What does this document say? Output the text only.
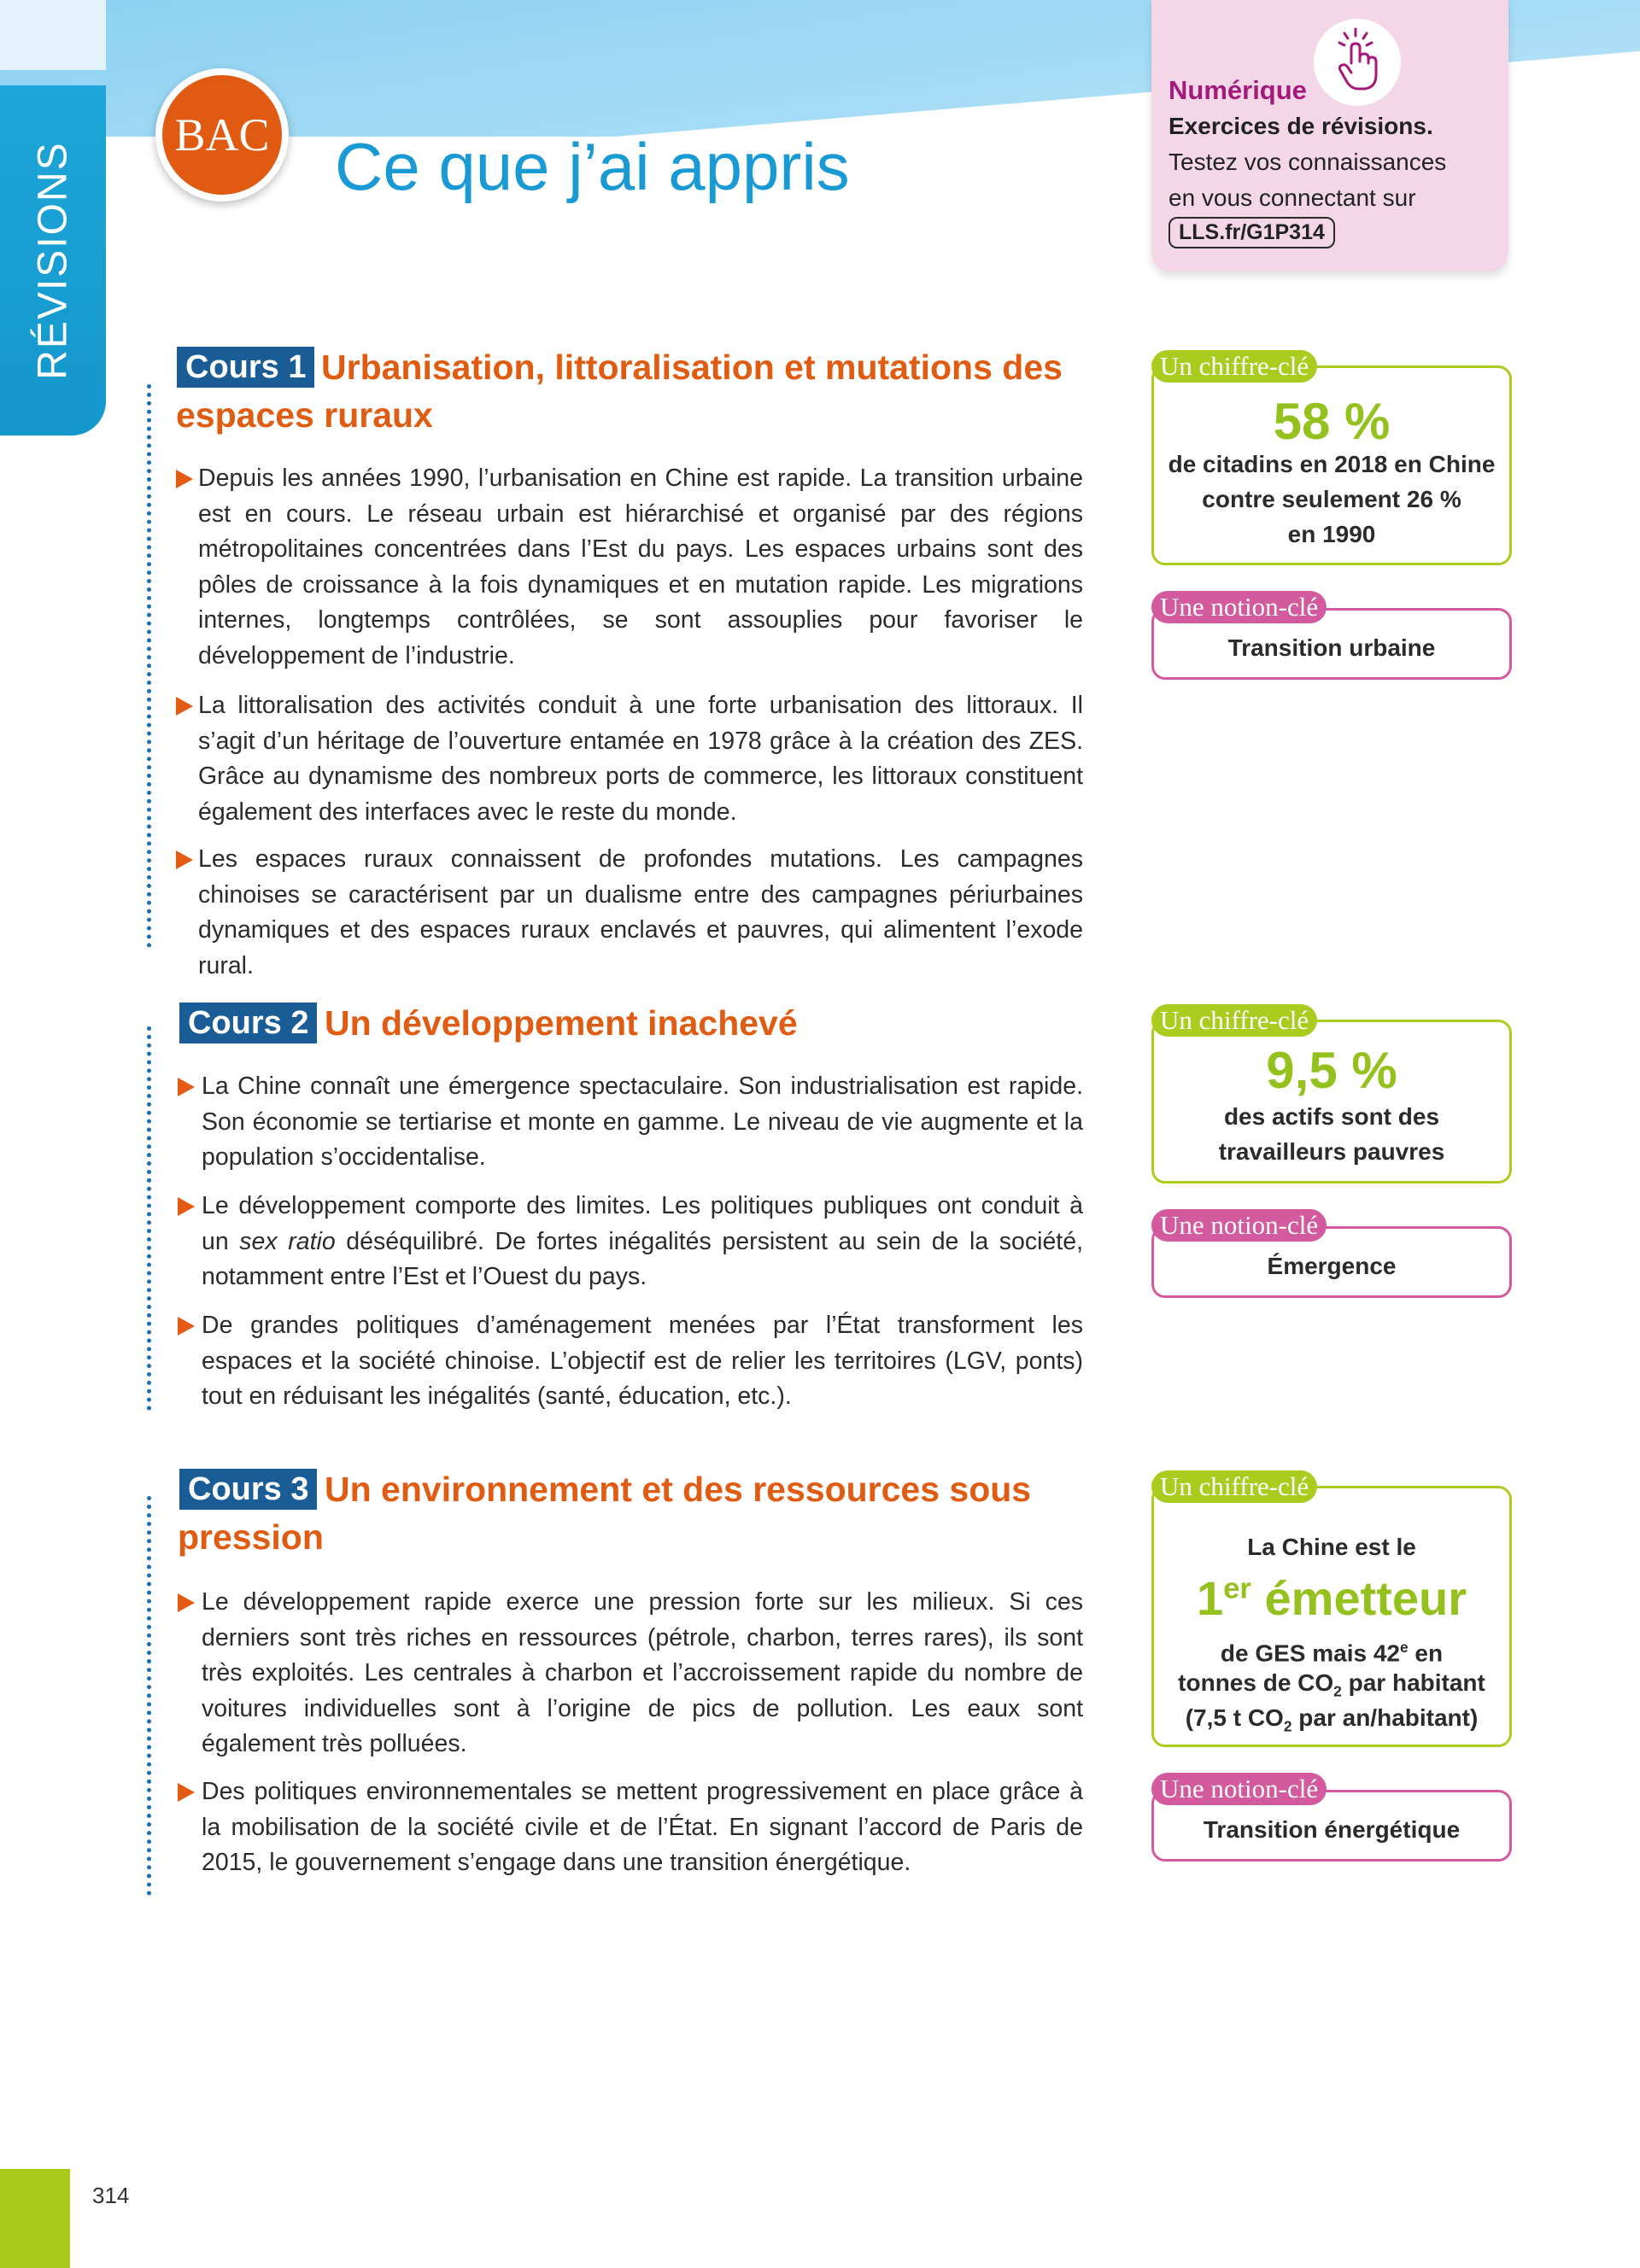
RÉVISIONS
BAC Ce que j’ai appris
Numérique
Exercices de révisions.
Testez vos connaissances
en vous connectant sur
LLS.fr/G1P314
Cours 1 Urbanisation, littoralisation et mutations des
espaces ruraux
Depuis les années 1990, l’urbanisation en Chine est rapide. La transition urbaine est en cours. Le réseau urbain est hiérarchisé et organisé par des régions métropolitaines concentrées dans l’Est du pays. Les espaces urbains sont des pôles de croissance à la fois dynamiques et en mutation rapide. Les migrations internes, longtemps contrôlées, se sont assouplies pour favoriser le développement de l’industrie.
La littoralisation des activités conduit à une forte urbanisation des littoraux. Il s’agit d’un héritage de l’ouverture entamée en 1978 grâce à la création des ZES. Grâce au dynamisme des nombreux ports de commerce, les littoraux constituent également des interfaces avec le reste du monde.
Les espaces ruraux connaissent de profondes mutations. Les campagnes chinoises se caractérisent par un dualisme entre des campagnes périurbaines dynamiques et des espaces ruraux enclavés et pauvres, qui alimentent l’exode rural.
58 %
de citadins en 2018 en Chine
contre seulement 26 %
en 1990
Un chiffre-clé
Transition urbaine
Une notion-clé
Cours 2 Un développement inachevé
La Chine connaît une émergence spectaculaire. Son industrialisation est rapide. Son économie se tertiarise et monte en gamme. Le niveau de vie augmente et la population s’occidentalise.
Le développement comporte des limites. Les politiques publiques ont conduit à un sex ratio déséquilibré. De fortes inégalités persistent au sein de la société, notamment entre l’Est et l’Ouest du pays.
De grandes politiques d’aménagement menées par l’État transforment les espaces et la société chinoise. L’objectif est de relier les territoires (LGV, ponts) tout en réduisant les inégalités (santé, éducation, etc.).
9,5 %
des actifs sont des
travailleurs pauvres
Un chiffre-clé
Émergence
Une notion-clé
Cours 3 Un environnement et des ressources sous
pression
Le développement rapide exerce une pression forte sur les milieux. Si ces derniers sont très riches en ressources (pétrole, charbon, terres rares), ils sont très exploités. Les centrales à charbon et l’accroissement rapide du nombre de voitures individuelles sont à l’origine de pics de pollution. Les eaux sont également très polluées.
Des politiques environnementales se mettent progressivement en place grâce à la mobilisation de la société civile et de l’État. En signant l’accord de Paris de 2015, le gouvernement s’engage dans une transition énergétique.
La Chine est le
1er émetteur
de GES mais 42e en
tonnes de $CO_2$ par habitant
(7,5 t $CO_2$ par an/habitant)
Un chiffre-clé
Transition énergétique
Une notion-clé
314
